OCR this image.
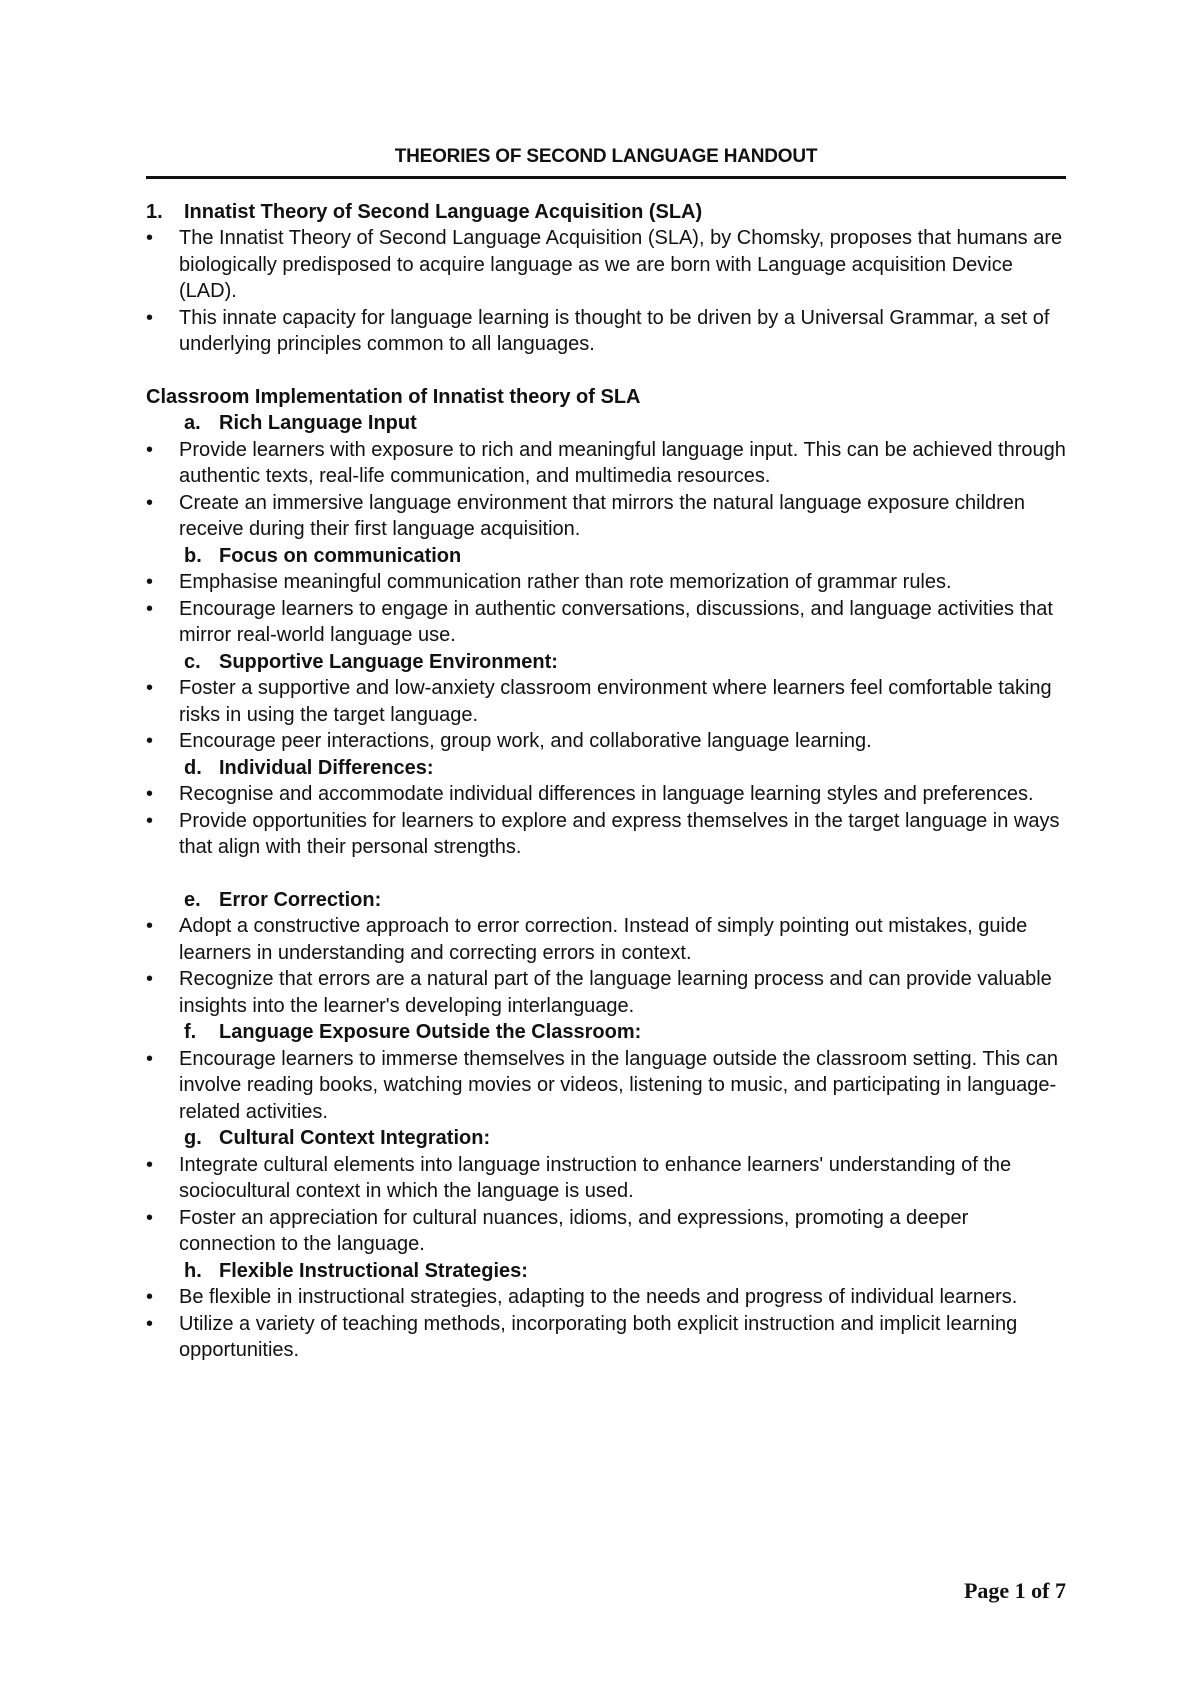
THEORIES OF SECOND LANGUAGE HANDOUT
1.	Innatist Theory of Second Language Acquisition (SLA)
•	The Innatist Theory of Second Language Acquisition (SLA), by Chomsky, proposes that humans are biologically predisposed to acquire language as we are born with Language acquisition Device (LAD).
•	This innate capacity for language learning is thought to be driven by a Universal Grammar, a set of underlying principles common to all languages.
Classroom Implementation of Innatist theory of SLA
a. Rich Language Input
•	Provide learners with exposure to rich and meaningful language input. This can be achieved through authentic texts, real-life communication, and multimedia resources.
•	Create an immersive language environment that mirrors the natural language exposure children receive during their first language acquisition.
b. Focus on communication
•	Emphasise meaningful communication rather than rote memorization of grammar rules.
•	Encourage learners to engage in authentic conversations, discussions, and language activities that mirror real-world language use.
c. Supportive Language Environment:
•	Foster a supportive and low-anxiety classroom environment where learners feel comfortable taking risks in using the target language.
•	Encourage peer interactions, group work, and collaborative language learning.
d. Individual Differences:
•	Recognise and accommodate individual differences in language learning styles and preferences.
•	Provide opportunities for learners to explore and express themselves in the target language in ways that align with their personal strengths.
e. Error Correction:
•	Adopt a constructive approach to error correction. Instead of simply pointing out mistakes, guide learners in understanding and correcting errors in context.
•	Recognize that errors are a natural part of the language learning process and can provide valuable insights into the learner's developing interlanguage.
f.	Language Exposure Outside the Classroom:
•	Encourage learners to immerse themselves in the language outside the classroom setting. This can involve reading books, watching movies or videos, listening to music, and participating in language-related activities.
g. Cultural Context Integration:
•	Integrate cultural elements into language instruction to enhance learners' understanding of the sociocultural context in which the language is used.
•	Foster an appreciation for cultural nuances, idioms, and expressions, promoting a deeper connection to the language.
h. Flexible Instructional Strategies:
•	Be flexible in instructional strategies, adapting to the needs and progress of individual learners.
•	Utilize a variety of teaching methods, incorporating both explicit instruction and implicit learning opportunities.
Page 1 of 7
